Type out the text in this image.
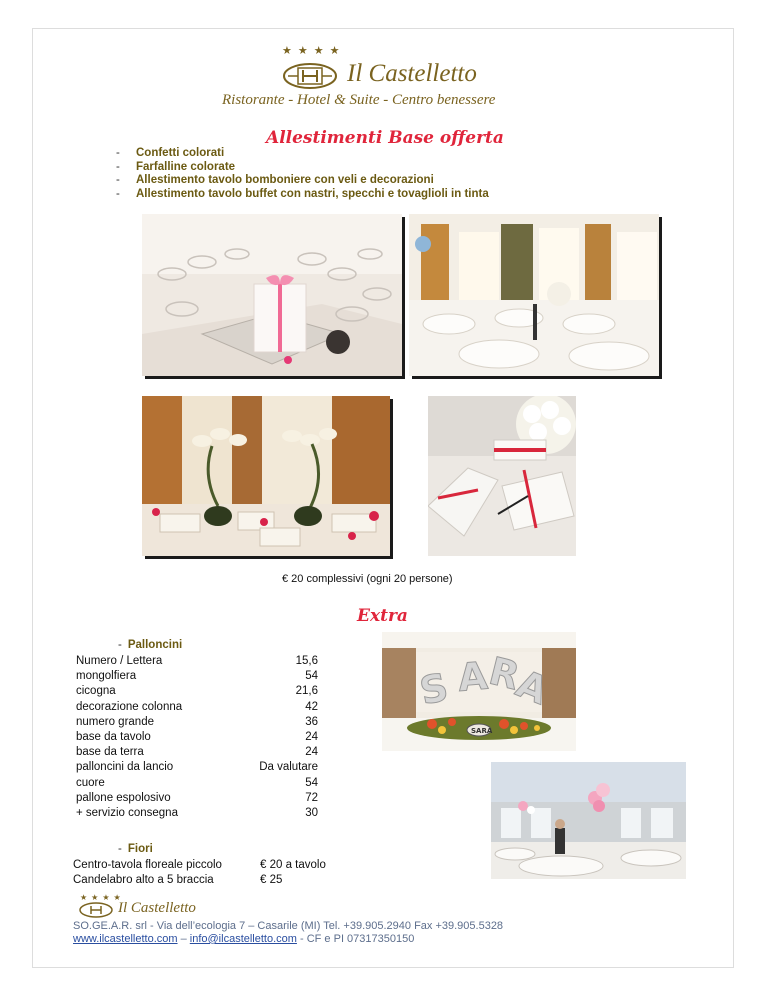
★★★★
Il Castelletto
Ristorante - Hotel & Suite - Centro benessere
Allestimenti Base offerta
- Confetti colorati
- Farfalline colorate
- Allestimento tavolo bomboniere con veli e decorazioni
- Allestimento tavolo buffet con nastri, specchi e tovaglioli in tinta
€ 20 complessivi (ogni 20 persone)
Extra
- Palloncini
Numero / Lettera	15,6
mongolfiera	54
cicogna	21,6
decorazione colonna	42
numero grande	36
base da tavolo	24
base da terra	24
palloncini da lancio	Da valutare
cuore	54
pallone espolosivo	72
+ servizio consegna	30
- Fiori
Centro-tavola floreale piccolo	€ 20 a tavolo
Candelabro alto a 5 braccia	€ 25
S A
R
A
SARA
★★★★
Il Castelletto
SO.GE.A.R. srl - Via dell’ecologia 7 – Casarile (MI) Tel. +39.905.2940 Fax +39.905.5328
www.ilcastelletto.com – info@ilcastelletto.com - CF e PI 07317350150
